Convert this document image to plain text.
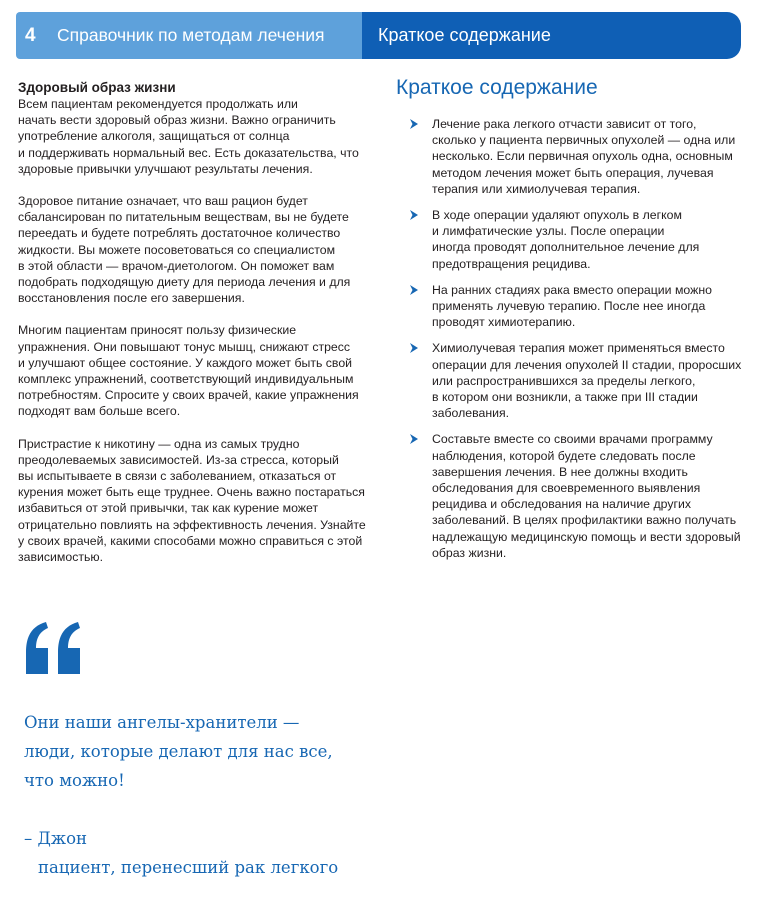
4	Справочник по методам лечения	Краткое содержание
Здоровый образ жизни

Всем пациентам рекомендуется продолжать или
начать вести здоровый образ жизни. Важно ограничить
употребление алкоголя, защищаться от солнца
и поддерживать нормальный вес. Есть доказательства, что
здоровые привычки улучшают результаты лечения.

Здоровое питание означает, что ваш рацион будет
сбалансирован по питательным веществам, вы не будете
переедать и будете потреблять достаточное количество
жидкости. Вы можете посоветоваться со специалистом
в этой области — врачом-диетологом. Он поможет вам
подобрать подходящую диету для периода лечения и для
восстановления после его завершения.

Многим пациентам приносят пользу физические
упражнения. Они повышают тонус мышц, снижают стресс
и улучшают общее состояние. У каждого может быть свой
комплекс упражнений, соответствующий индивидуальным
потребностям. Спросите у своих врачей, какие упражнения
подходят вам больше всего.

Пристрастие к никотину — одна из самых трудно
преодолеваемых зависимостей. Из-за стресса, который
вы испытываете в связи с заболеванием, отказаться от
курения может быть еще труднее. Очень важно постараться
избавиться от этой привычки, так как курение может
отрицательно повлиять на эффективность лечения. Узнайте
у своих врачей, какими способами можно справиться с этой
зависимостью.

Краткое содержание
Лечение рака легкого отчасти зависит от того,
сколько у пациента первичных опухолей — одна или
несколько. Если первичная опухоль одна, основным
методом лечения может быть операция, лучевая
терапия или химиолучевая терапия.
В ходе операции удаляют опухоль в легком
и лимфатические узлы. После операции
иногда проводят дополнительное лечение для
предотвращения рецидива.
На ранних стадиях рака вместо операции можно
применять лучевую терапию. После нее иногда
проводят химиотерапию.
Химиолучевая терапия может применяться вместо
операции для лечения опухолей II стадии, проросших
или распространившихся за пределы легкого,
в котором они возникли, а также при III стадии
заболевания.
Составьте вместе со своими врачами программу
наблюдения, которой будете следовать после
завершения лечения. В нее должны входить
обследования для своевременного выявления
рецидива и обследования на наличие других
заболеваний. В целях профилактики важно получать
надлежащую медицинскую помощь и вести здоровый
образ жизни.
Они наши ангелы-хранители —
люди, которые делают для нас все,
что можно!
– Джон
пациент, перенесший рак легкого
